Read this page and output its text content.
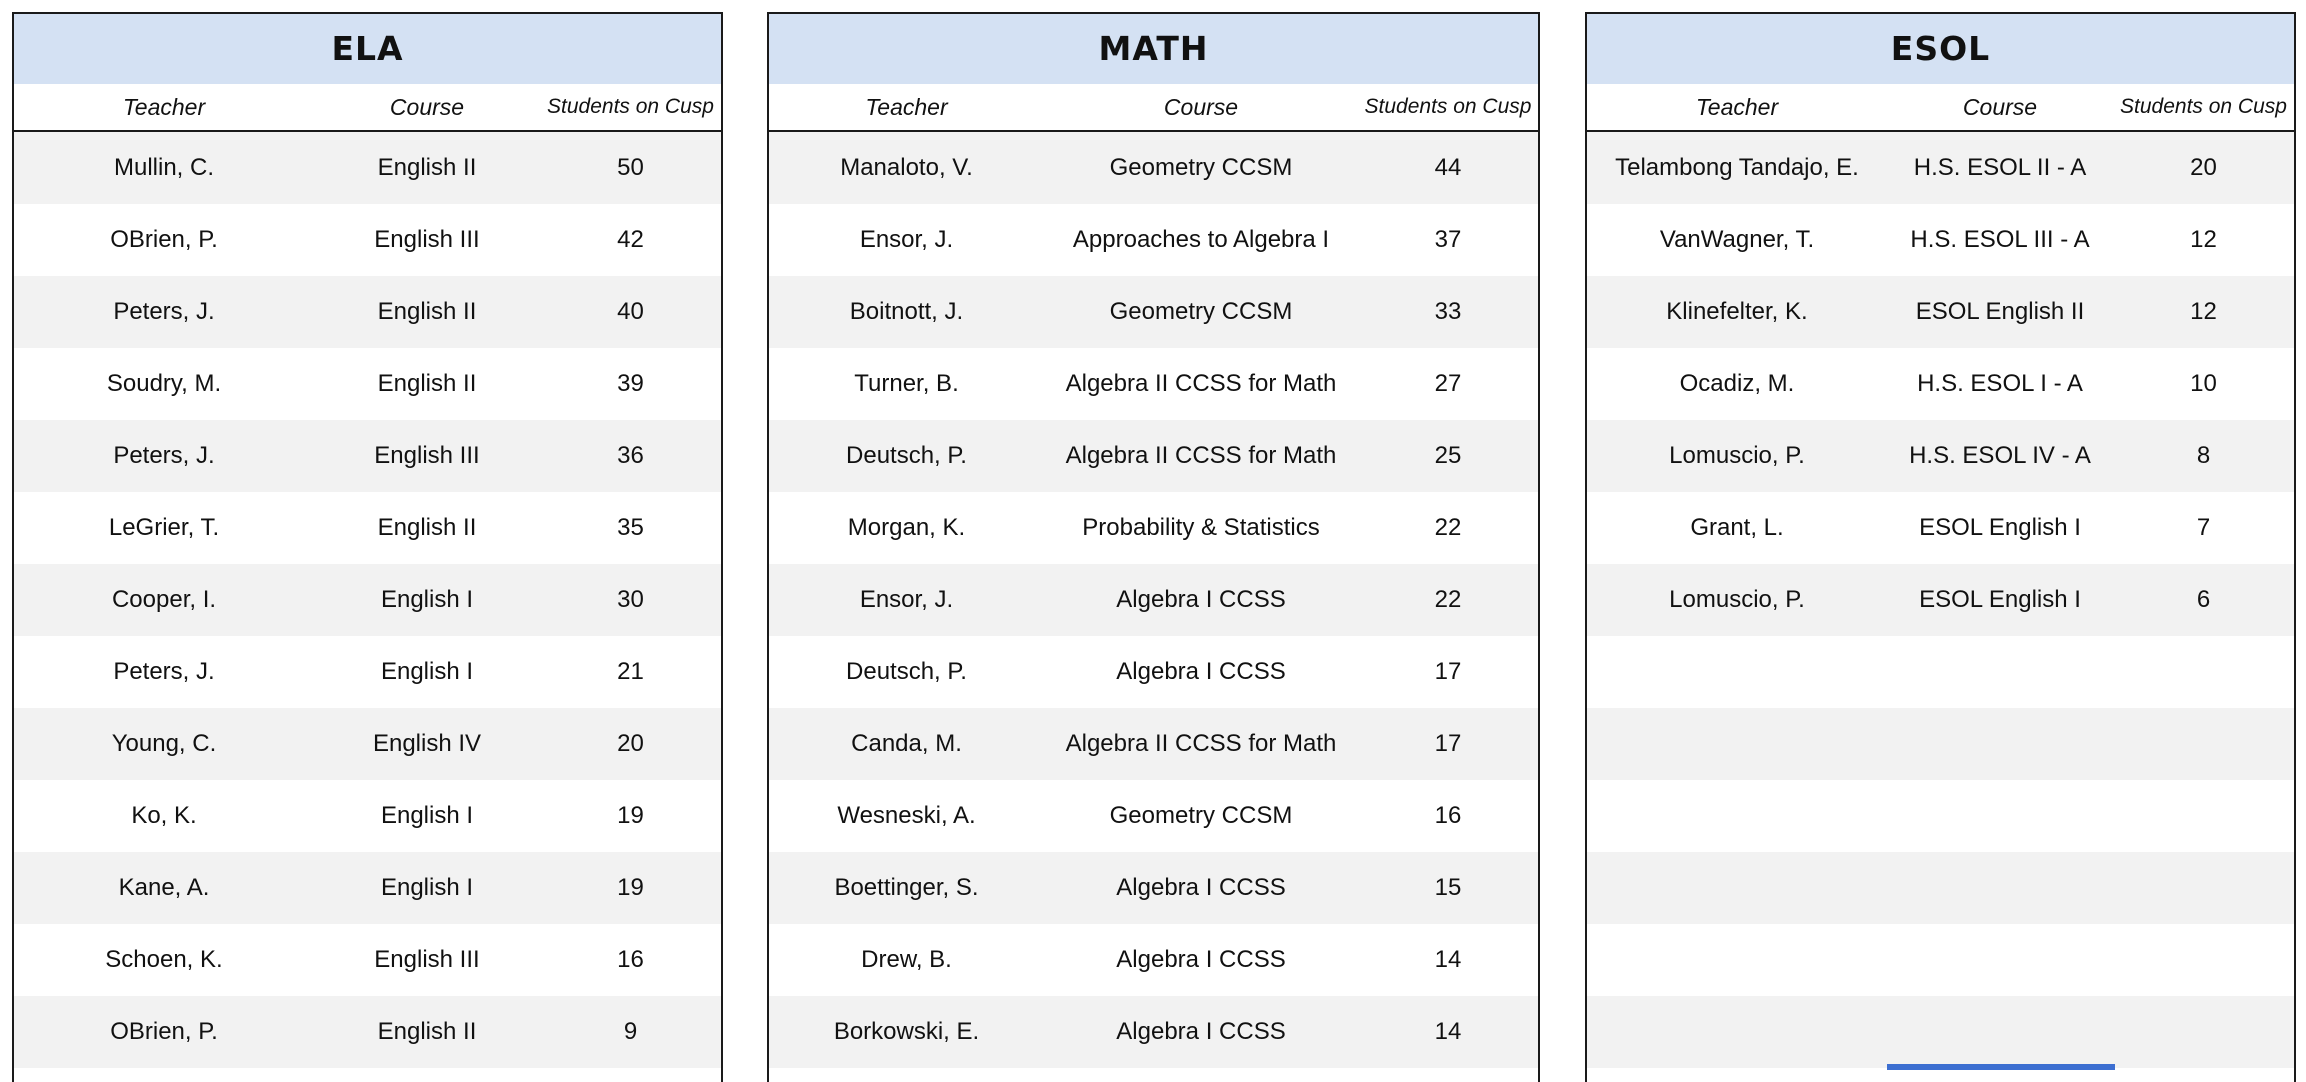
ELA
Teacher	Course	Students on Cusp
Mullin, C.	English II	50
OBrien, P.	English III	42
Peters, J.	English II	40
Soudry, M.	English II	39
Peters, J.	English III	36
LeGrier, T.	English II	35
Cooper, I.	English I	30
Peters, J.	English I	21
Young, C.	English IV	20
Ko, K.	English I	19
Kane, A.	English I	19
Schoen, K.	English III	16
OBrien, P.	English II	9
MATH
Teacher	Course	Students on Cusp
Manaloto, V.	Geometry CCSM	44
Ensor, J.	Approaches to Algebra I	37
Boitnott, J.	Geometry CCSM	33
Turner, B.	Algebra II CCSS for Math	27
Deutsch, P.	Algebra II CCSS for Math	25
Morgan, K.	Probability & Statistics	22
Ensor, J.	Algebra I CCSS	22
Deutsch, P.	Algebra I CCSS	17
Canda, M.	Algebra II CCSS for Math	17
Wesneski, A.	Geometry CCSM	16
Boettinger, S.	Algebra I CCSS	15
Drew, B.	Algebra I CCSS	14
Borkowski, E.	Algebra I CCSS	14
ESOL
Teacher	Course	Students on Cusp
Telambong Tandajo, E.	H.S. ESOL II - A	20
VanWagner, T.	H.S. ESOL III - A	12
Klinefelter, K.	ESOL English II	12
Ocadiz, M.	H.S. ESOL I - A	10
Lomuscio, P.	H.S. ESOL IV - A	8
Grant, L.	ESOL English I	7
Lomuscio, P.	ESOL English I	6
